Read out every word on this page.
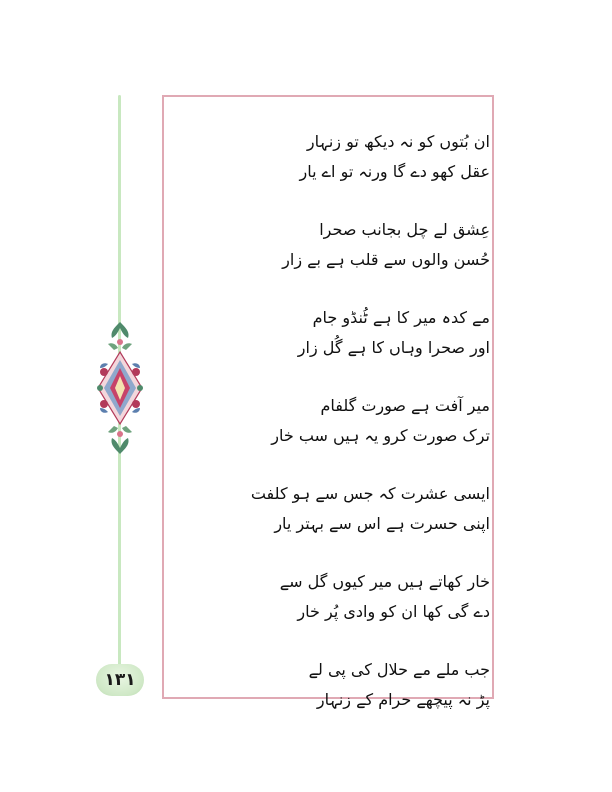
۱۳۱
ان بُتوں کو نہ دیکھ تو زنہار
عقل کھو دے گا ورنہ تو اے یار
عِشق لے چل بجانب صحرا
حُسن والوں سے قلب ہے بے زار
مے کدہ میر کا ہے ٹُنڈو جام
اور صحرا وہاں کا ہے گُل زار
میر آفت ہے صورت گلفام
ترک صورت کرو یہ ہیں سب خار
ایسی عشرت کہ جس سے ہو کلفت
اپنی حسرت ہے اس سے بہتر یار
خار کھاتے ہیں میر کیوں گل سے
دے گی کھا ان کو وادی پُر خار
جب ملے مے حلال کی پی لے
پڑ نہ پیچھے حرام کے زنہار
